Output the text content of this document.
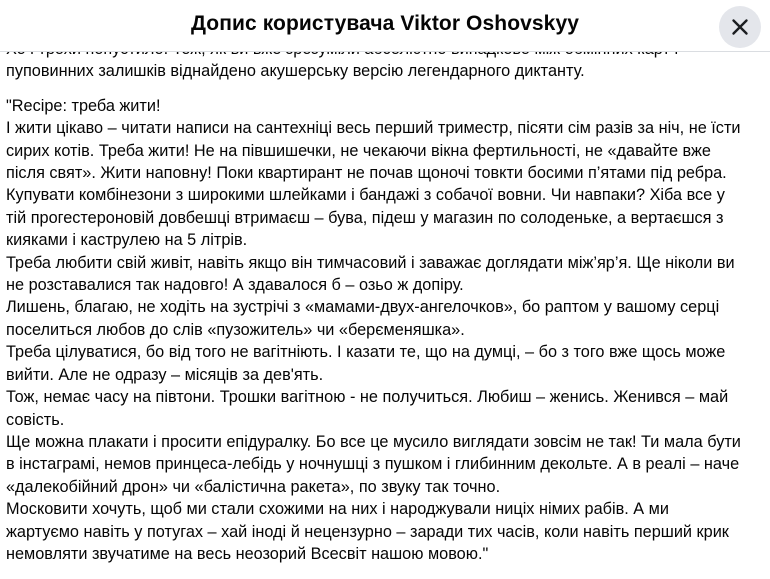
Допис користувача Viktor Oshovskyy

пуповинних залишків віднайдено акушерську версію легендарного диктанту.

"Recipe: треба жити!
І жити цікаво – читати написи на сантехніці весь перший триместр, пісяти сім разів за ніч, не їсти
сирих котів. Треба жити! Не на півшишечки, не чекаючи вікна фертильності, не «давайте вже
після свят». Жити наповну! Поки квартирант не почав щоночі товкти босими п’ятами під ребра.
Купувати комбінезони з широкими шлейками і бандажі з собачої вовни. Чи навпаки? Хіба все у
тій прогестероновій довбешці втримаєш – бува, підеш у магазин по солоденьке, а вертаєшся з
кияками і каструлею на 5 літрів.
Треба любити свій живіт, навіть якщо він тимчасовий і заважає доглядати між’яр’я. Ще ніколи ви
не розставалися так надовго! А здавалося б – озьо ж допіру.
Лишень, благаю, не ходіть на зустрічі з «мамами-двух-ангелочков», бо раптом у вашому серці
поселиться любов до слів «пузожитель» чи «берєменяшка».
Треба цілуватися, бо від того не вагітніють. І казати те, що на думці, – бо з того вже щось може
вийти. Але не одразу – місяців за дев'ять.
Тож, немає часу на півтони. Трошки вагітною - не получиться. Любиш – женись. Женився – май
совість.
Ще можна плакати і просити епідуралку. Бо все це мусило виглядати зовсім не так! Ти мала бути
в інстаграмі, немов принцеса-лебідь у ночнушці з пушком і глибинним декольте. А в реалі – наче
«далекобійний дрон» чи «балістична ракета», по звуку так точно.
Московити хочуть, щоб ми стали схожими на них і народжували ниціх німих рабів. А ми
жартуємо навіть у потугах – хай іноді й нецензурно – заради тих часів, коли навіть перший крик
немовляти звучатиме на весь неозорий Всесвіт нашою мовою."
